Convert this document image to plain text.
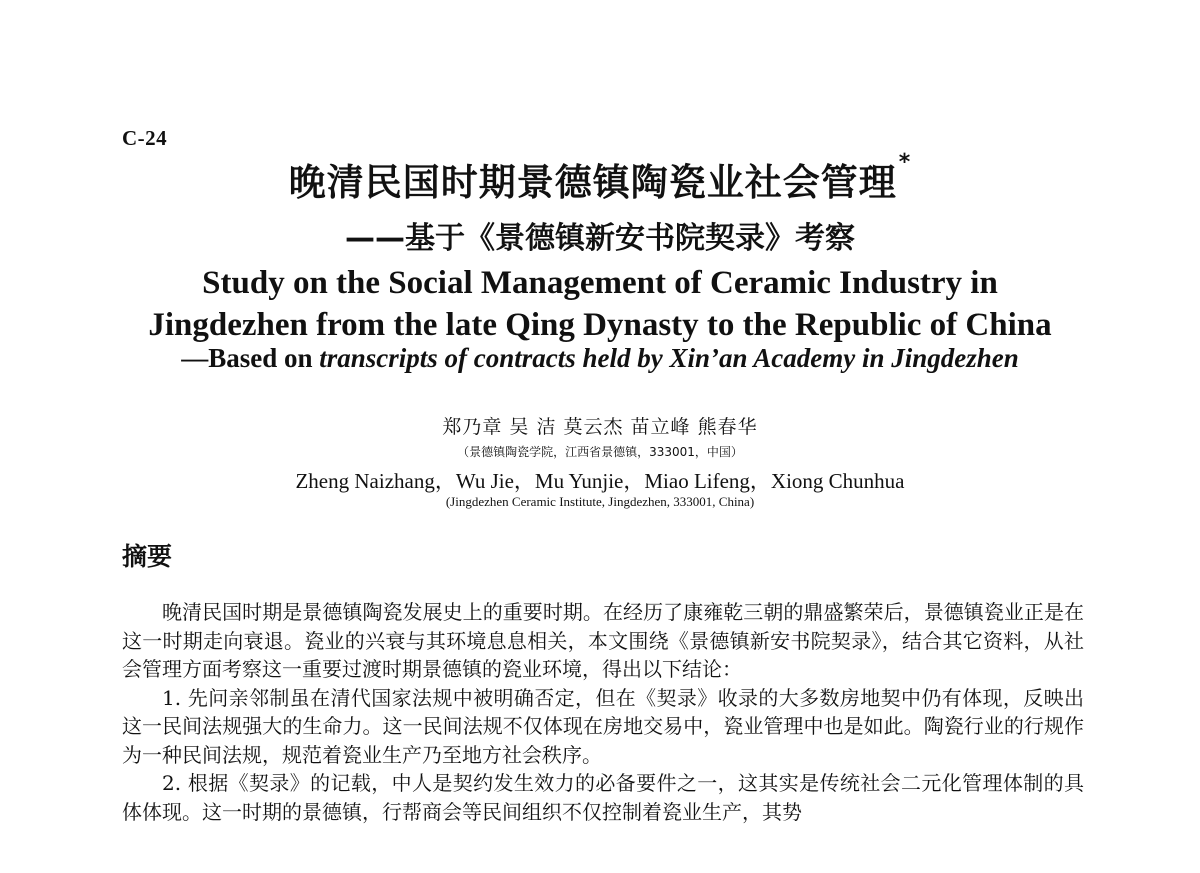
C-24
晚清民国时期景德镇陶瓷业社会管理*
——基于《景德镇新安书院契录》考察
Study on the Social Management of Ceramic Industry in
Jingdezhen from the late Qing Dynasty to the Republic of China
—Based on transcripts of contracts held by Xin’an Academy in Jingdezhen
郑乃章 吴 洁 莫云杰 苗立峰 熊春华
（景德镇陶瓷学院，江西省景德镇，333001，中国）
Zheng Naizhang，Wu Jie，Mu Yunjie，Miao Lifeng，Xiong Chunhua
(Jingdezhen Ceramic Institute, Jingdezhen, 333001, China)
摘要

晚清民国时期是景德镇陶瓷发展史上的重要时期。在经历了康雍乾三朝的鼎盛繁荣后，景德镇瓷业正是在这一时期走向衰退。瓷业的兴衰与其环境息息相关，本文围绕《景德镇新安书院契录》，结合其它资料，从社会管理方面考察这一重要过渡时期景德镇的瓷业环境，得出以下结论：

1. 先问亲邻制虽在清代国家法规中被明确否定，但在《契录》收录的大多数房地契中仍有体现，反映出这一民间法规强大的生命力。这一民间法规不仅体现在房地交易中，瓷业管理中也是如此。陶瓷行业的行规作为一种民间法规，规范着瓷业生产乃至地方社会秩序。

2. 根据《契录》的记载，中人是契约发生效力的必备要件之一，这其实是传统社会二元化管理体制的具体体现。这一时期的景德镇，行帮商会等民间组织不仅控制着瓷业生产，其势
